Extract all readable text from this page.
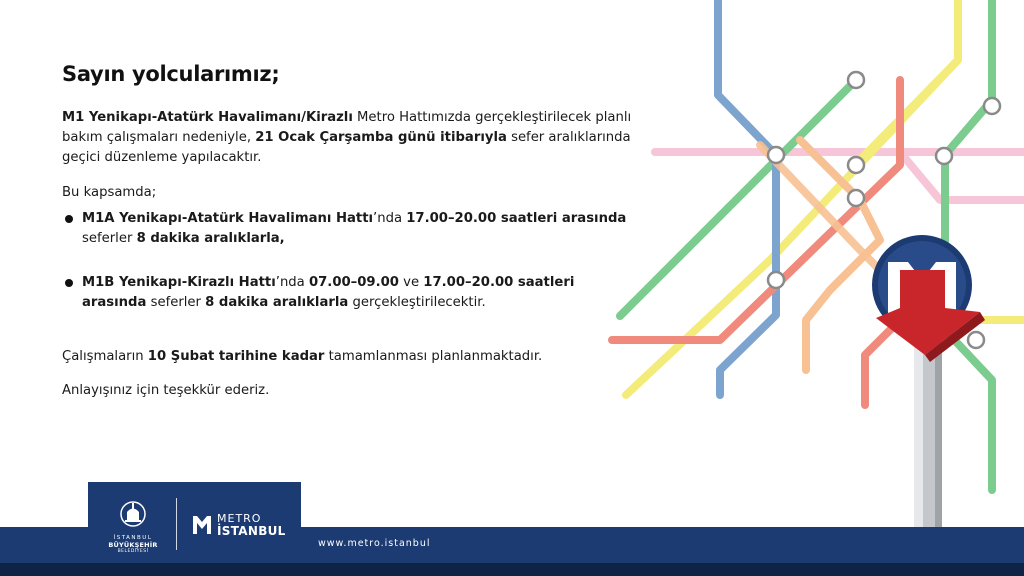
Sayın yolcularımız;

M1 Yenikapı-Atatürk Havalimanı/Kirazlı Metro Hattımızda gerçekleştirilecek planlı bakım çalışmaları nedeniyle, 21 Ocak Çarşamba günü itibarıyla sefer aralıklarında geçici düzenleme yapılacaktır.

Bu kapsamda;

M1A Yenikapı-Atatürk Havalimanı Hattı’nda 17.00–20.00 saatleri arasında seferler 8 dakika aralıklarla,
M1B Yenikapı-Kirazlı Hattı’nda 07.00–09.00 ve 17.00–20.00 saatleri arasında seferler 8 dakika aralıklarla gerçekleştirilecektir.

Çalışmaların 10 Şubat tarihine kadar tamamlanması planlanmaktadır.

Anlayışınız için teşekkür ederiz.

İSTANBUL
BÜYÜKŞEHİR
BELEDİYESİ
METRO
İSTANBUL
www.metro.istanbul
